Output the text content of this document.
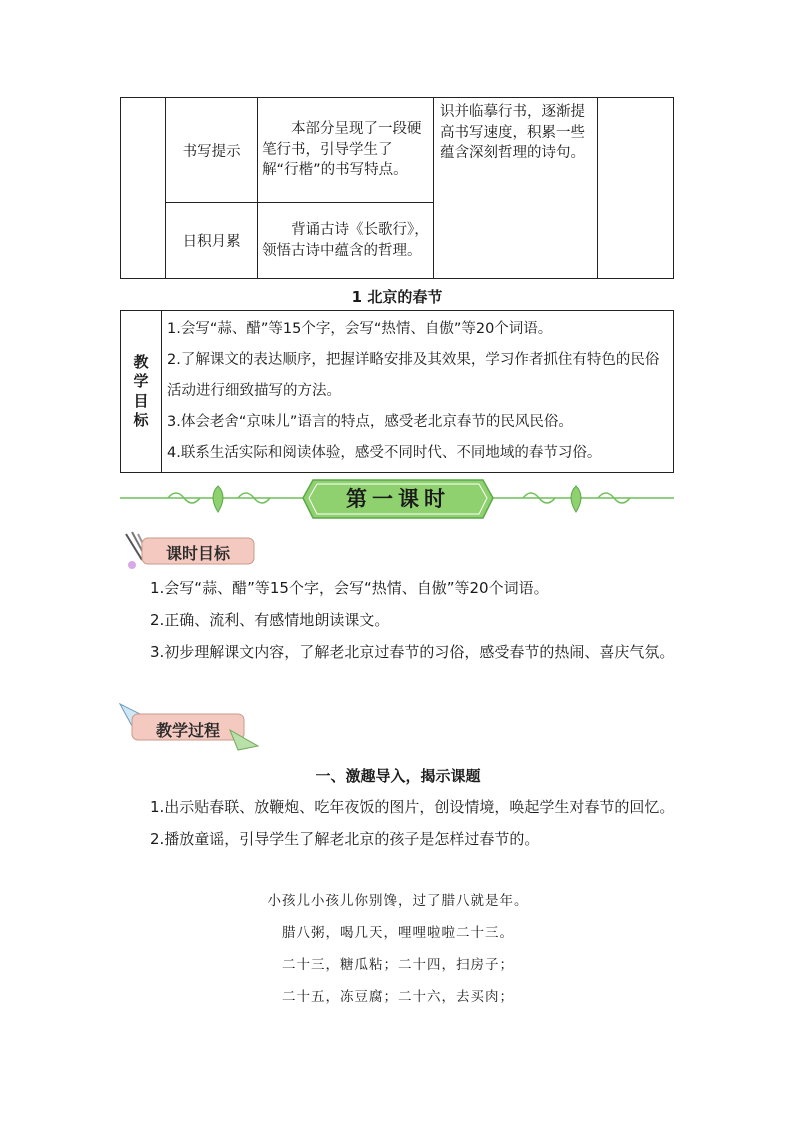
	书写提示	本部分呈现了一段硬笔行书，引导学生了解“行楷”的书写特点。	识并临摹行书，逐渐提高书写速度，积累一些蕴含深刻哲理的诗句。	
	日积月累	背诵古诗《长歌行》，领悟古诗中蕴含的哲理。		
1 北京的春节
教
学
目
标

1.会写“蒜、醋”等15个字，会写“热情、自傲”等20个词语。
2.了解课文的表达顺序，把握详略安排及其效果，学习作者抓住有特色的民俗活动进行细致描写的方法。
3.体会老舍“京味儿”语言的特点，感受老北京春节的民风民俗。
4.联系生活实际和阅读体验，感受不同时代、不同地域的春节习俗。
第一课时
课时目标
1.会写“蒜、醋”等15个字，会写“热情、自傲”等20个词语。
2.正确、流利、有感情地朗读课文。
3.初步理解课文内容，了解老北京过春节的习俗，感受春节的热闹、喜庆气氛。
教学过程
一、激趣导入，揭示课题
1.出示贴春联、放鞭炮、吃年夜饭的图片，创设情境，唤起学生对春节的回忆。
2.播放童谣，引导学生了解老北京的孩子是怎样过春节的。
小孩儿小孩儿你别馋，过了腊八就是年。
腊八粥，喝几天，哩哩啦啦二十三。
二十三，糖瓜粘；二十四，扫房子；
二十五，冻豆腐；二十六，去买肉；
